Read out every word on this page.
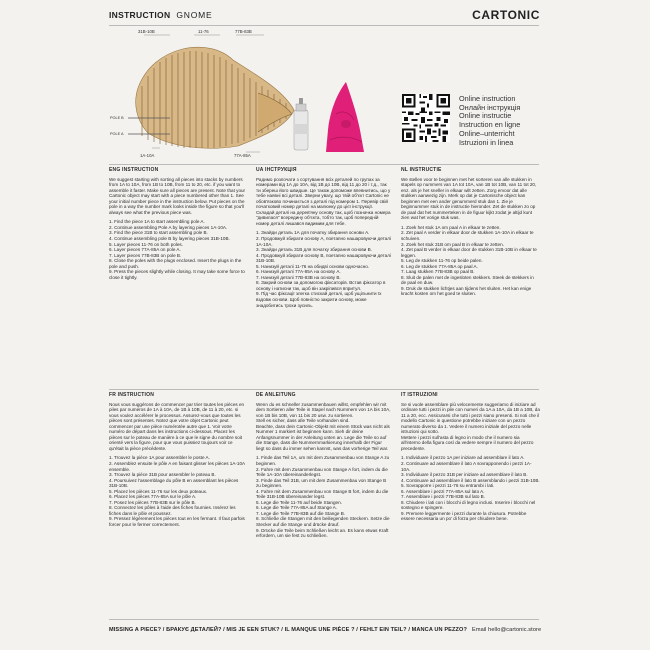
INSTRUCTION GNOME	CARTONIC
31B-10B	11-76	77B-83B
POLE B
POLE A
1A-10A	77A-85A
Online instruction
Онлайн інструкція
Online instructie
Instruction en ligne
Online–unterricht
Istruzioni in linea
ENG INSTRUCTION

We suggest starting with sorting all pieces into stacks by numbers from 1A to 10A, from 1B to 10B, from 11 to 20, etc. if you want to assemble it faster. Make sure all pieces are present. Note that your Cartonic object may start with a piece numbered other than 1. See your initial number piece in the instruction below. Put pieces on the pole in a way the number mark looks inside the figure so that you'll always see what the previous piece was.

1. Find the piece 1A to start assembling pole A.
2. Continue assembling Pole A by layering pieces 1A-10A.
3. Find the piece 31B to start assembling pole B.
4. Continue assembling pole B by layering pieces 31B-10B.
5. Layer pieces 11-76 on both poles.
6. Layer pieces 77A-85A on pole A.
7. Layer pieces 77B-83B on pole B.
8. Close the poles with the plugs enclosed. Insert the plugs in the pole and push.
9. Press the pieces slightly while closing. It may take some force to close it tightly.
UA ІНСТРУКЦІЯ

Радимо розпочати з сортування всіх деталей по групах за номерами від 1А до 10А, від 1В до 10В, від 11 до 20 і т.д., так ти збереш його швидше. Це також допоможе впевнитись, що у тебе наявні всі деталі. Зверни увагу, що твій об'єкт Cartonic не обов'язково починається з деталі під номером 1. Перевір свій початковий номер деталі на малюнку до цієї інструкції. Складай деталі на дерев'яну основу так, щоб позначка номера "дивилася" всередину об'єкта, тобто так, щоб попередній номер деталі лишався видимим для тебе.

1. Знайди деталь 1А для початку збирання основи А.
2. Продовжуй збирати основу А, поетапно нашаровуючи деталі 1А-10А.
3. Знайди деталь 31В для початку збирання основи В.
4. Продовжуй збирати основу В, поетапно нашаровуючи деталі 31В-10В.
5. Нанизуй деталі 11-76 на обидві основи одночасно.
6. Нанизуй деталі 77А-85А на основу А.
7. Нанизуй деталі 77В-83В на основу В.
8. Закрий основи за допомогою фіксаторів. Встав фіксатор в основу і натисни так, щоб він закріпився впритул.
9. Під час фіксації злегка стискай деталі, щоб ущільнити їх вздовж основи. Щоб повністю закрити основу, може знадобитись трохи зусиль.
NL INSTRUCTIE

We stellen voor te beginnen met het sorteren van alle stukken in stapels op nummers van 1A tot 10A, van 1B tot 10B, van 11 tot 20, enz. als je het sneller in elkaar wilt zetten. Zorg ervoor dat alle stukken aanwezig zijn. Merk op dat je Cartonische object kan beginnen met een ander genummerd stuk dan 1. Zie je beginnummer stuk in de instructie hieronder. Zet de stukken zo op de paal dat het nummerteken in de figuur kijkt zodat je altijd kunt zien wat het vorige stuk was.

1. Zoek het stuk 1A om paal A in elkaar te zetten.
2. Zet paal A verder in elkaar door de stukken 1A-10A in elkaar te schuiven.
3. Zoek het stuk 31B om paal B in elkaar te zetten.
4. Zet paal B verder in elkaar door de stukken 31B-10B in elkaar te leggen.
5. Leg de stukken 11-76 op beide palen.
6. Leg de stukken 77A-85A op paal A.
7. Laag stukken 77B-83B op paal B.
8. Sluit de palen met de ingesloten stekkers. Steek de stekkers in de paal en duw.
9. Druk de stukken lichtjes aan tijdens het sluiten. Het kan enige kracht kosten om het goed te sluiten.
FR INSTRUCTION

Nous vous suggérons de commencer par trier toutes les pièces en piles par numéros de 1A à 10A, de 1B à 10B, de 11 à 20, etc. si vous voulez accélérer le processus. Assurez-vous que toutes les pièces sont présentes. Notez que votre objet Cartonic peut commencer par une pièce numérotée autre que 1. Voir votre numéro de départ dans les instructions ci-dessous. Placez les pièces sur le poteau de manière à ce que le signe du nombre soit orienté vers la figure, pour que vous puissiez toujours voir ce qu'était la pièce précédente.

1. Trouvez la pièce 1A pour assembler le poste A.
2. Assemblez ensuite le pôle A en faisant glisser les pièces 1A-10A ensemble.
3. Trouvez la pièce 31B pour assembler le poteau B.
4. Poursuivez l'assemblage du pôle B en assemblant les pièces 31B-10B.
5. Placez les pièces 11-76 sur les deux poteaux.
6. Placez les pièces 77A-85A sur le pôle A.
7. Posez les pièces 77B-83B sur le pôle B.
8. Connectez les pôles à l'aide des fiches fournies. Insérez les fiches dans le pôle et poussez.
9. Pressez légèrement les pièces tout en les fermant. Il faut parfois forcer pour le fermer correctement.
DE ANLEITUNG

Wenn du es schneller zusammenbauen willst, empfehlen wir mit dem Sortieren aller Teile in Stapel nach Nummern von 1A bis 10A, von 1B bis 10B, von 11 bis 20 usw. zu sortieren.
Stell es sicher, dass alle Teile vorhanden sind.
Beachte, dass dein Cartonic-Objekt mit einem Stück was nicht als Nummer 1 markiert ist beginnen kann. Sieh dir deine Anfangsnummer in der Anleitung unten an. Lege die Teile so auf die Stange, dass die Nummernmarkierung innerhalb der Figur liegt so dass du immer sehen kannst, was das vorherige Teil war.

1. Finde das Teil 1A, um mit dem Zusammenbau von Stange A zu beginnen.
2. Fahre mit dem Zusammenbau von Stange A fort, indem du die Teile 1A-10A übereinanderlegst.
3. Finde das Teil 31B, um mit dem Zusammenbau von Stange B zu beginnen.
4. Fahre mit dem Zusammenbau von Stange B fort, indem du die Teile 31B-10B übereinander legst.
5. Lege die Teile 11-76 auf beide Stangen.
6. Lege die Teile 77A-85A auf Stange A.
7. Lege die Teile 77B-83B auf die Stange B.
8. Schließe die Stangen mit den beiliegenden Steckern. Setze die Stecker auf die Stange und drücke drauf.
9. Drücke die Teile beim Schließen leicht an. Es kann etwas Kraft erfordern, um sie fest zu schließen.
IT ISTRUZIONI

Se si vuole assemblare più velocemente suggeriamo di iniziare ad ordinare tutti i pezzi in pile con numeri da 1A a 10A, da 1B a 10B, da 11 a 20, ecc. Assicurarsi che tutti i pezzi siano presenti. Si noti che il modello Cartonic in questione potrebbe iniziare con un pezzo numerato diverso da 1. Vedere il numero iniziale del pezzo nelle istruzioni qui sotto.
Mettere i pezzi sull'asta di legno in modo che il numero sia all'interno della figura così da vedere sempre il numero del pezzo precedente.

1. Individuare il pezzo 1A per iniziare ad assemblare il lato A.
2. Continuare ad assemblare il lato A sovrapponendo i pezzi 1A-10A.
3. Individuare il pezzo 31B per iniziare ad assemblare il lato B.
4. Continuare ad assemblare il lato B assemblando i pezzi 31B-10B.
5. Sovrapporre i pezzi 11-76 su entrambi i lati.
6. Assemblare i pezzi 77A-85A sul lato A.
7. Assemblare i pezzi 77B-83B sul lato B.
8. Chiudere i lati con i blocchi di legno inclusi. Inserire i blocchi nel sostegno e spingere.
9. Premere leggermente i pezzi durante la chiusura. Potrebbe essere necessaria un po' di forza per chiudere bene.
MISSING A PIECE? / БРАКУЄ ДЕТАЛЕЙ? / MIS JE EEN STUK? / IL MANQUE UNE PIÈCE ? / FEHLT EIN TEIL? / MANCA UN PEZZO? Email hello@cartonic.store
